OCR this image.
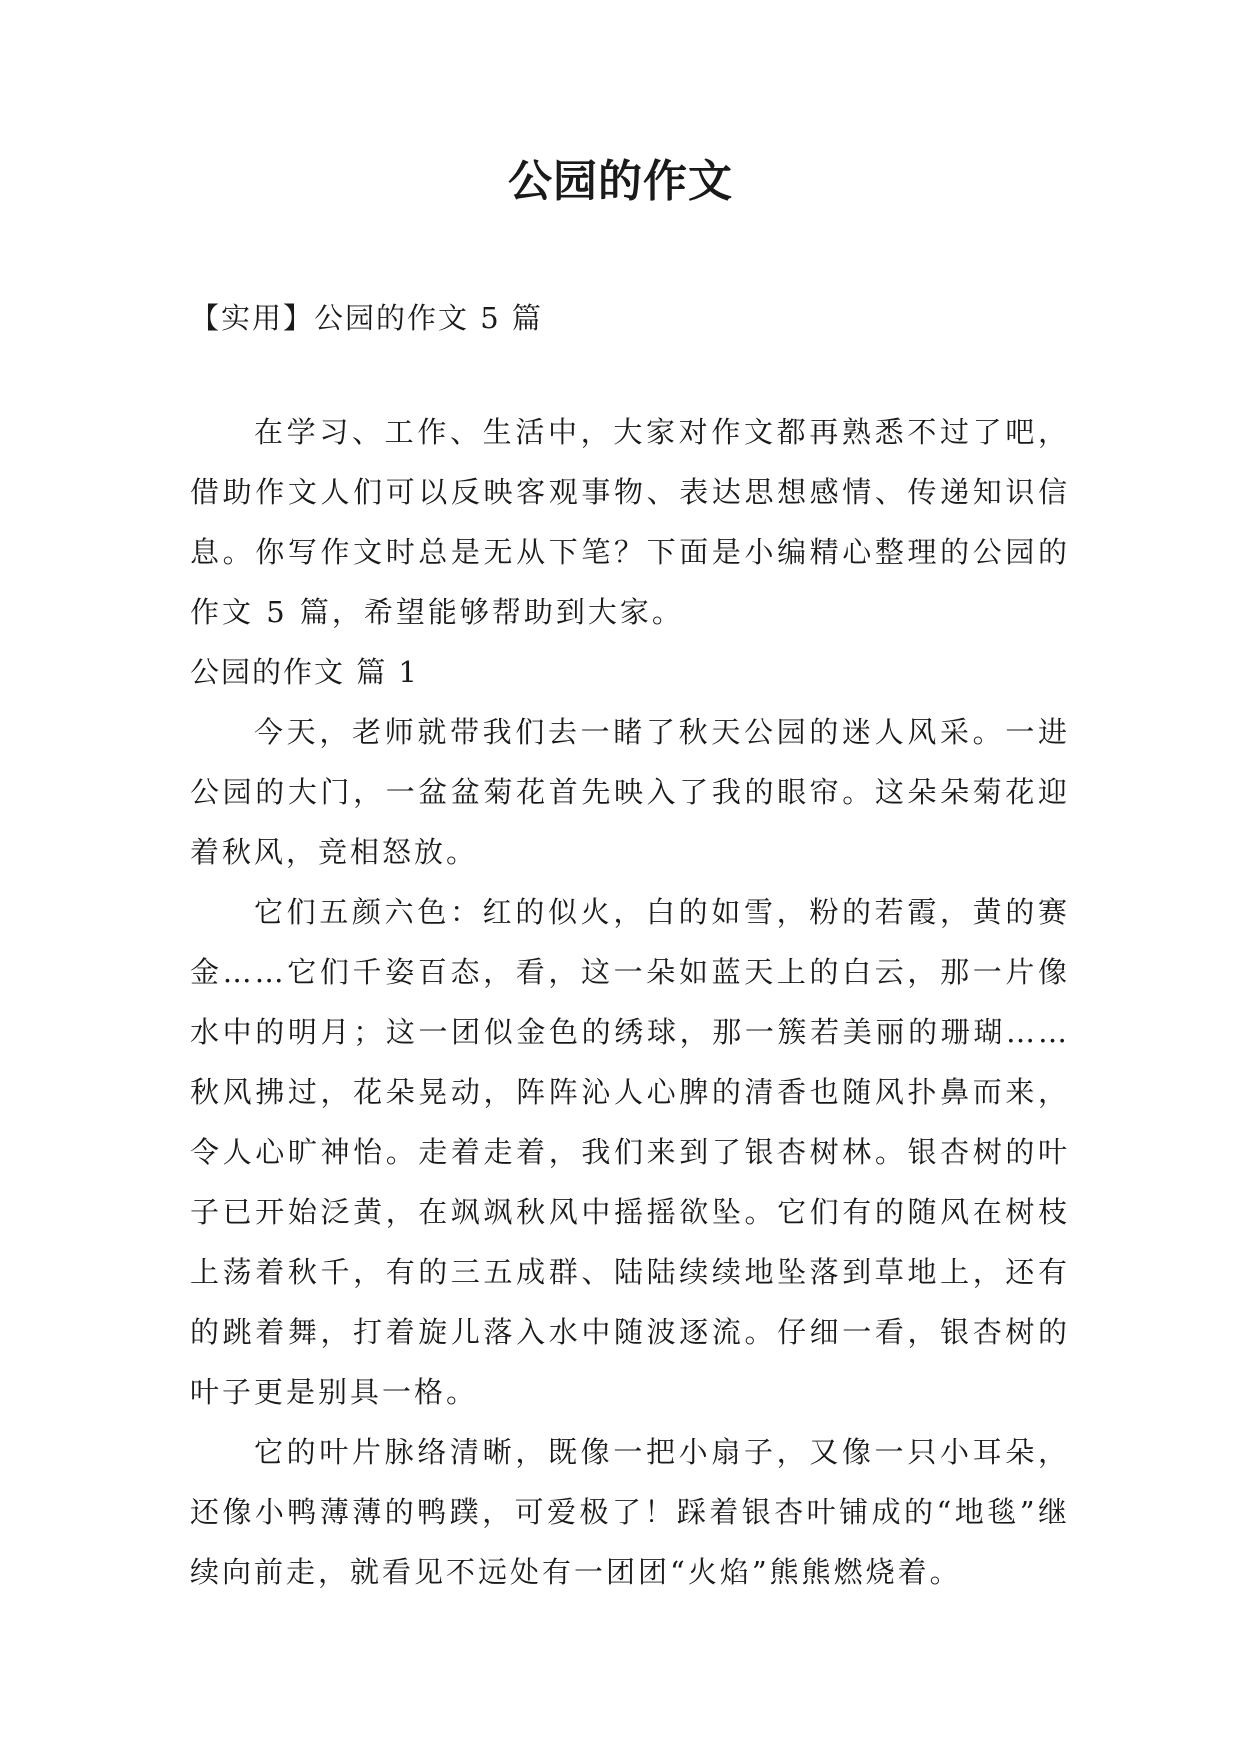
公园的作文

【实用】公园的作文 5 篇

在学习、工作、生活中，大家对作文都再熟悉不过了吧，借助作文人们可以反映客观事物、表达思想感情、传递知识信息。你写作文时总是无从下笔？下面是小编精心整理的公园的作文 5 篇，希望能够帮助到大家。

公园的作文 篇 1

今天，老师就带我们去一睹了秋天公园的迷人风采。一进公园的大门，一盆盆菊花首先映入了我的眼帘。这朵朵菊花迎着秋风，竞相怒放。

它们五颜六色：红的似火，白的如雪，粉的若霞，黄的赛金……它们千姿百态，看，这一朵如蓝天上的白云，那一片像水中的明月；这一团似金色的绣球，那一簇若美丽的珊瑚……秋风拂过，花朵晃动，阵阵沁人心脾的清香也随风扑鼻而来，令人心旷神怡。走着走着，我们来到了银杏树林。银杏树的叶子已开始泛黄，在飒飒秋风中摇摇欲坠。它们有的随风在树枝上荡着秋千，有的三五成群、陆陆续续地坠落到草地上，还有的跳着舞，打着旋儿落入水中随波逐流。仔细一看，银杏树的叶子更是别具一格。

它的叶片脉络清晰，既像一把小扇子，又像一只小耳朵，还像小鸭薄薄的鸭蹼，可爱极了！踩着银杏叶铺成的“地毯”继续向前走，就看见不远处有一团团“火焰”熊熊燃烧着。
